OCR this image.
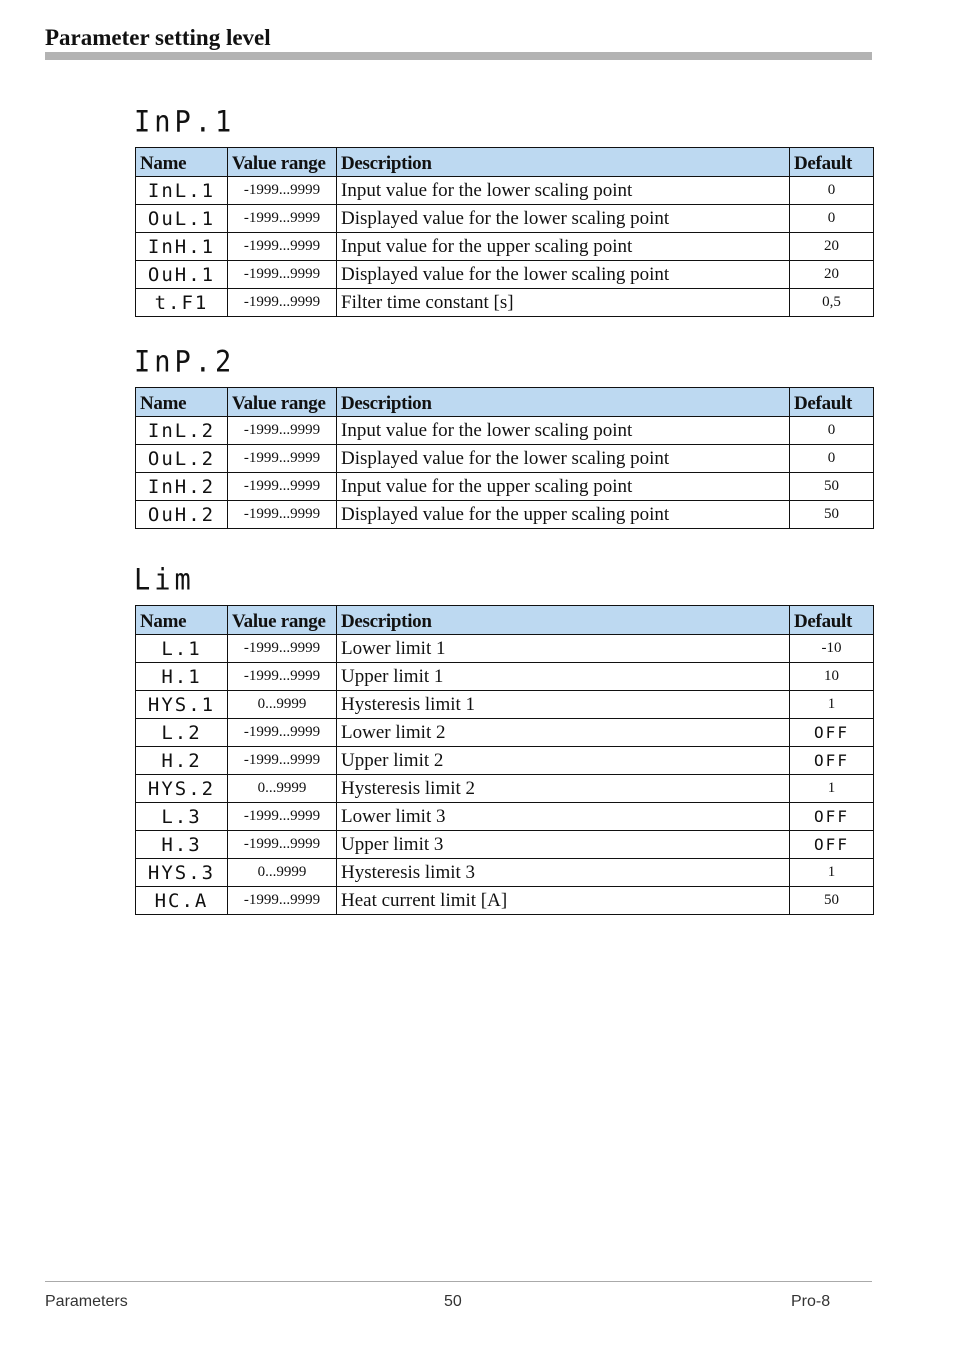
Parameter setting level
InP.1
Name	Value range	Description	Default
InL.1	-1999...9999	Input value for the lower scaling point	0
OuL.1	-1999...9999	Displayed value for the lower scaling point	0
InH.1	-1999...9999	Input value for the upper scaling point	20
OuH.1	-1999...9999	Displayed value for the lower scaling point	20
t.F1	-1999...9999	Filter time constant [s]	0,5
InP.2
Name	Value range	Description	Default
InL.2	-1999...9999	Input value for the lower scaling point	0
OuL.2	-1999...9999	Displayed value for the lower scaling point	0
InH.2	-1999...9999	Input value for the upper scaling point	50
OuH.2	-1999...9999	Displayed value for the upper scaling point	50
Lim
Name	Value range	Description	Default
L.1	-1999...9999	Lower limit 1	-10
H.1	-1999...9999	Upper limit 1	10
HYS.1	0...9999	Hysteresis limit 1	1
L.2	-1999...9999	Lower limit 2	OFF
H.2	-1999...9999	Upper limit 2	OFF
HYS.2	0...9999	Hysteresis limit 2	1
L.3	-1999...9999	Lower limit 3	OFF
H.3	-1999...9999	Upper limit 3	OFF
HYS.3	0...9999	Hysteresis limit 3	1
HC.A	-1999...9999	Heat current limit [A]	50
Parameters	50	Pro-8
